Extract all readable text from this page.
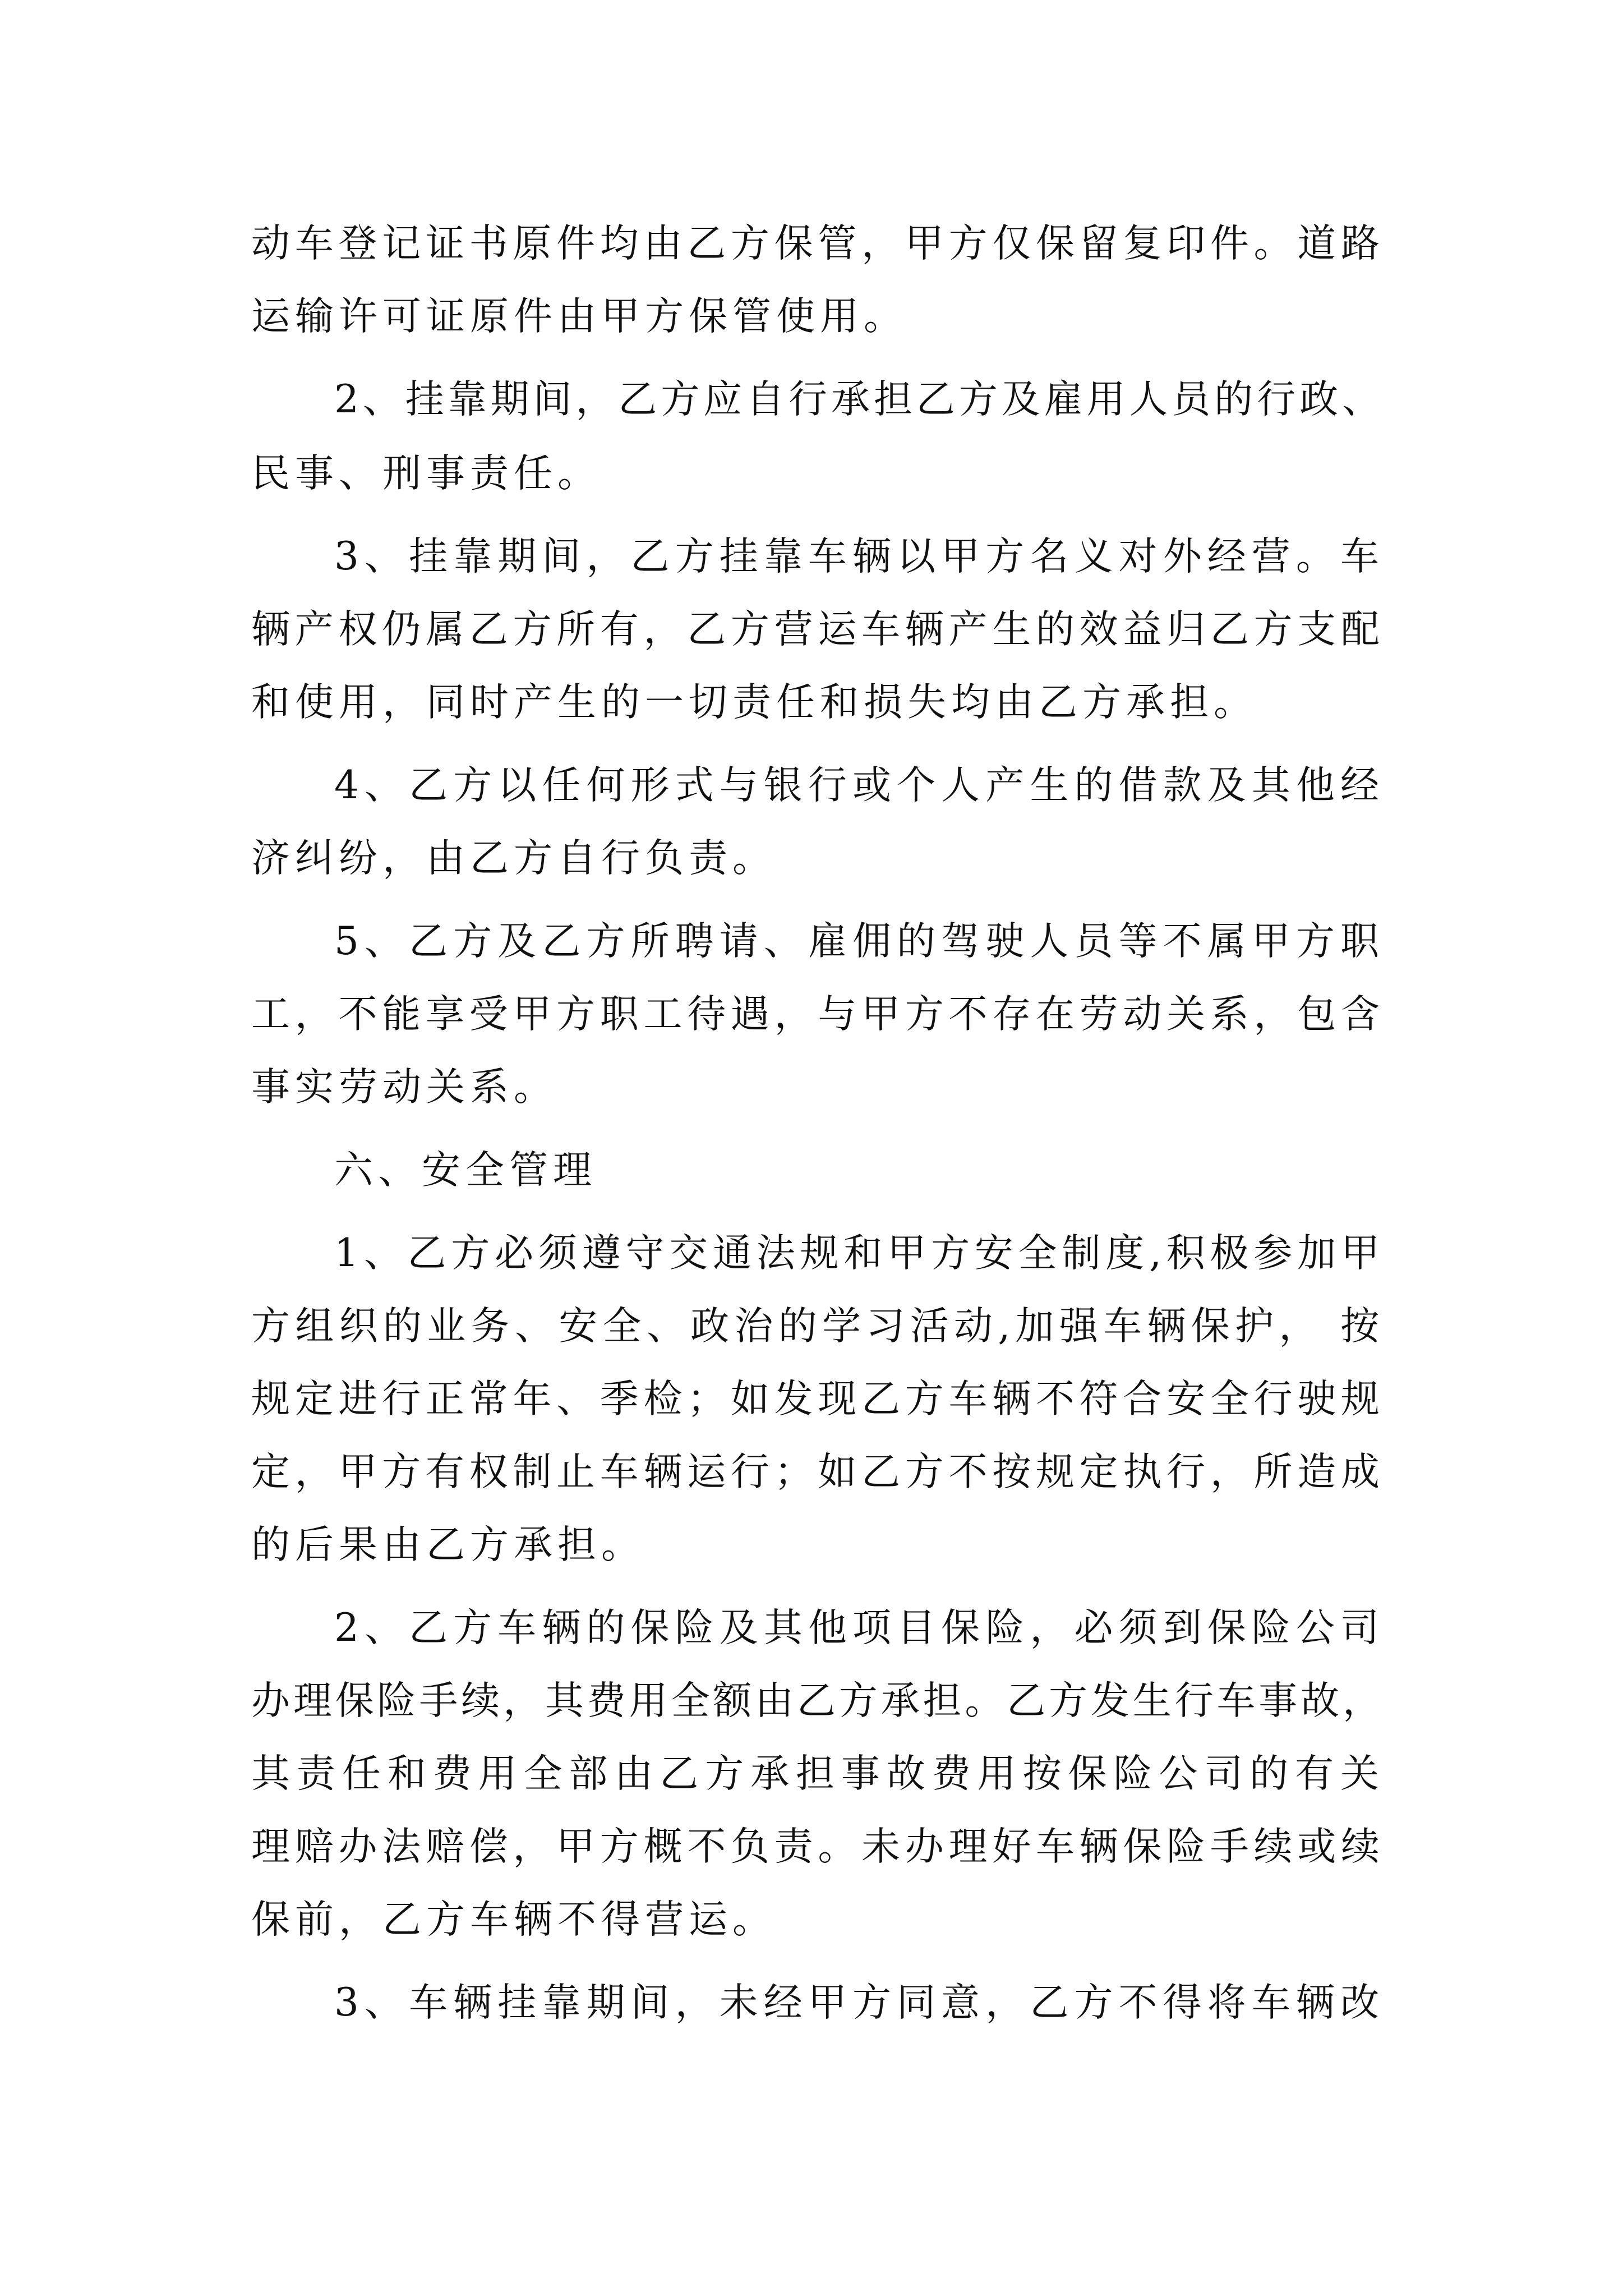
动车登记证书原件均由乙方保管，甲方仅保留复印件。道路
运输许可证原件由甲方保管使用。
2、挂靠期间，乙方应自行承担乙方及雇用人员的行政、
民事、刑事责任。
3、挂靠期间，乙方挂靠车辆以甲方名义对外经营。车
辆产权仍属乙方所有，乙方营运车辆产生的效益归乙方支配
和使用，同时产生的一切责任和损失均由乙方承担。
4、乙方以任何形式与银行或个人产生的借款及其他经
济纠纷，由乙方自行负责。
5、乙方及乙方所聘请、雇佣的驾驶人员等不属甲方职
工，不能享受甲方职工待遇，与甲方不存在劳动关系，包含
事实劳动关系。
六、安全管理
1、乙方必须遵守交通法规和甲方安全制度,积极参加甲
方组织的业务、安全、政治的学习活动,加强车辆保护， 按
规定进行正常年、季检；如发现乙方车辆不符合安全行驶规
定，甲方有权制止车辆运行；如乙方不按规定执行，所造成
的后果由乙方承担。
2、乙方车辆的保险及其他项目保险，必须到保险公司
办理保险手续，其费用全额由乙方承担。乙方发生行车事故，
其责任和费用全部由乙方承担事故费用按保险公司的有关
理赔办法赔偿，甲方概不负责。未办理好车辆保险手续或续
保前，乙方车辆不得营运。
3、车辆挂靠期间，未经甲方同意，乙方不得将车辆改
